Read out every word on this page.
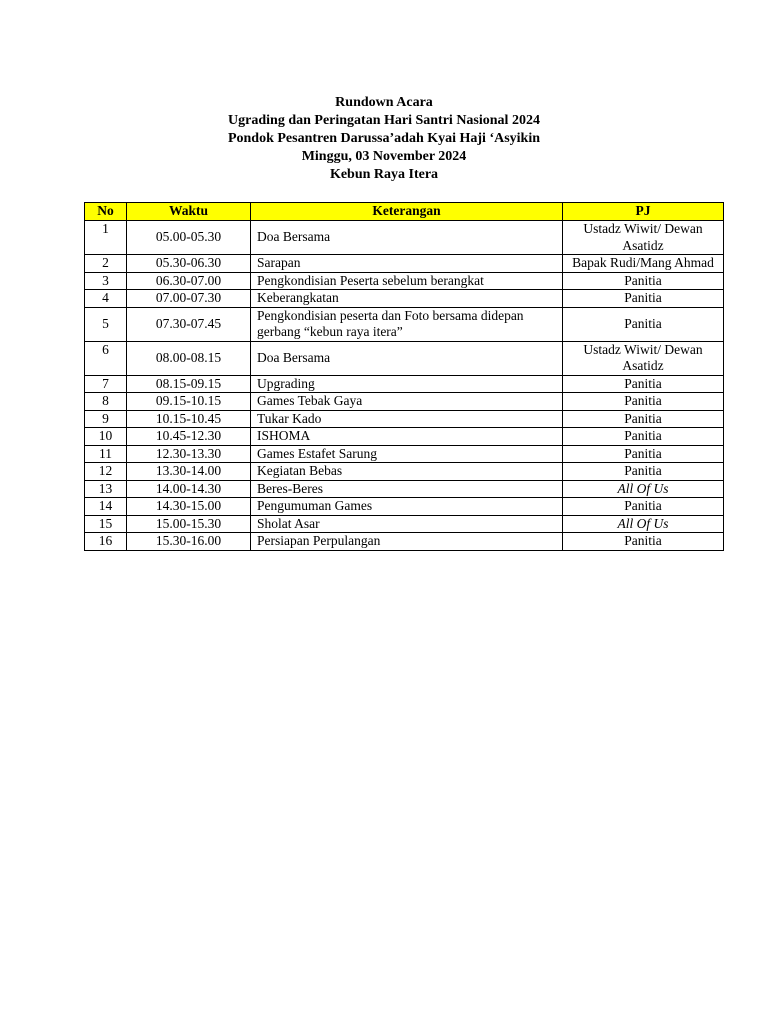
Rundown Acara
Ugrading dan Peringatan Hari Santri Nasional 2024
Pondok Pesantren Darussa’adah Kyai Haji ‘Asyikin
Minggu, 03 November 2024
Kebun Raya Itera
No	Waktu	Keterangan	PJ
1	05.00-05.30	Doa Bersama	Ustadz Wiwit/ Dewan Asatidz
2	05.30-06.30	Sarapan	Bapak Rudi/Mang Ahmad
3	06.30-07.00	Pengkondisian Peserta sebelum berangkat	Panitia
4	07.00-07.30	Keberangkatan	Panitia
5	07.30-07.45	Pengkondisian peserta dan Foto bersama didepan gerbang “kebun raya itera”	Panitia
6	08.00-08.15	Doa Bersama	Ustadz Wiwit/ Dewan Asatidz
7	08.15-09.15	Upgrading	Panitia
8	09.15-10.15	Games Tebak Gaya	Panitia
9	10.15-10.45	Tukar Kado	Panitia
10	10.45-12.30	ISHOMA	Panitia
11	12.30-13.30	Games Estafet Sarung	Panitia
12	13.30-14.00	Kegiatan Bebas	Panitia
13	14.00-14.30	Beres-Beres	All Of Us
14	14.30-15.00	Pengumuman Games	Panitia
15	15.00-15.30	Sholat Asar	All Of Us
16	15.30-16.00	Persiapan Perpulangan	Panitia
